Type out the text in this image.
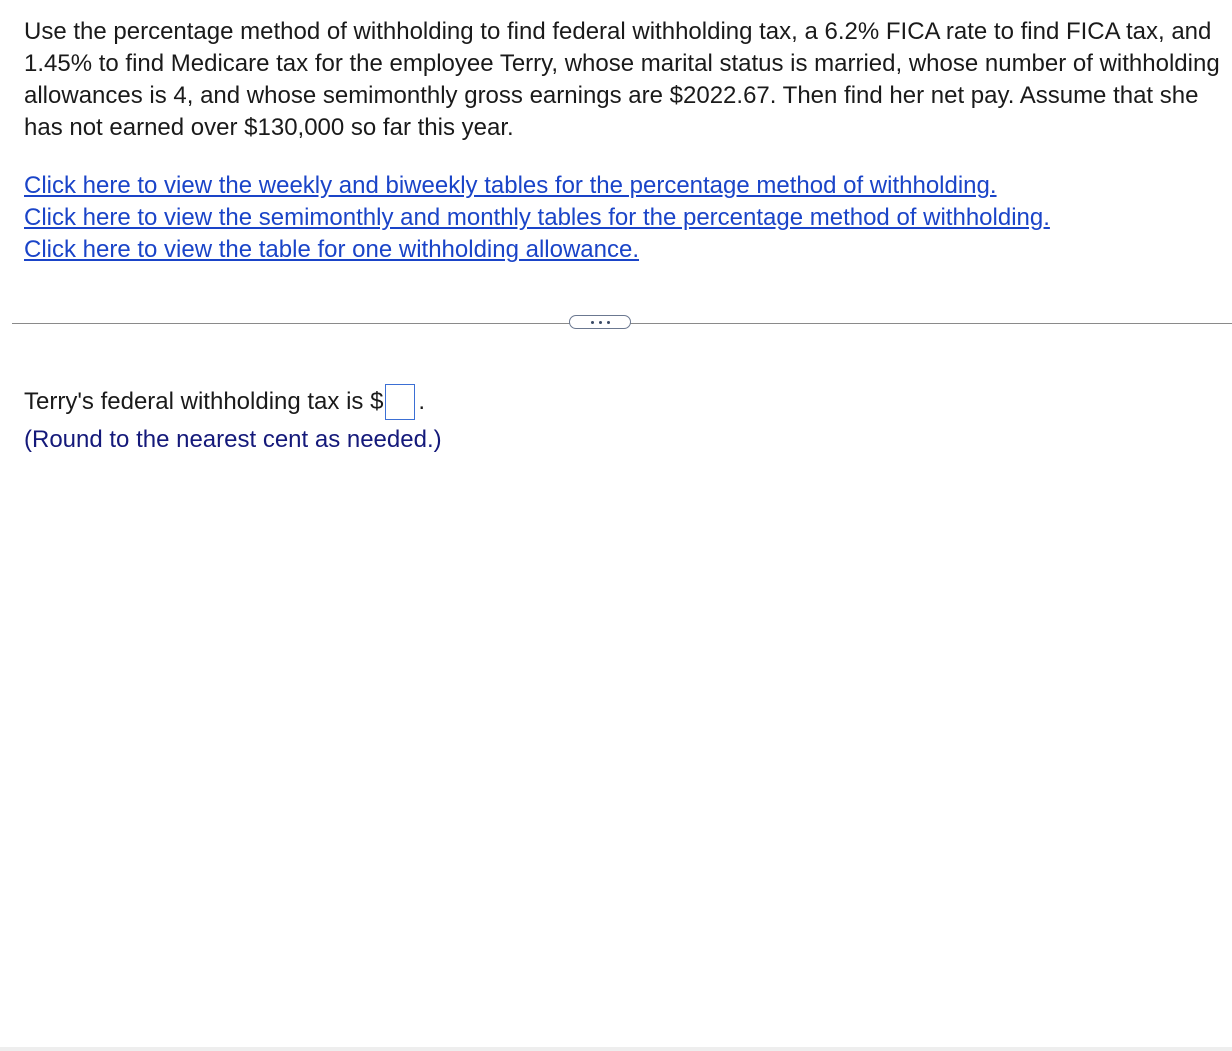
Use the percentage method of withholding to find federal withholding tax, a 6.2% FICA rate to find FICA tax, and 1.45% to find Medicare tax for the employee Terry, whose marital status is married, whose number of withholding allowances is 4, and whose semimonthly gross earnings are $2022.67. Then find her net pay. Assume that she has not earned over $130,000 so far this year.

Click here to view the weekly and biweekly tables for the percentage method of withholding.
Click here to view the semimonthly and monthly tables for the percentage method of withholding.
Click here to view the table for one withholding allowance.
Terry's federal withholding tax is $ .
(Round to the nearest cent as needed.)
